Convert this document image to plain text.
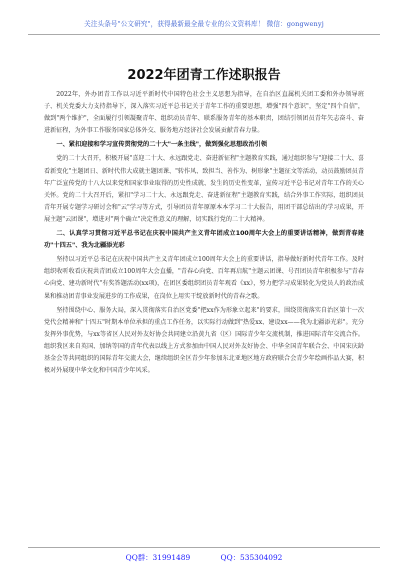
关注头条号"公文研究"，获得最新最全最专业的公文资料库！ 微信：gongwenyj
2022年团青工作述职报告

2022年，外办团青工作以习近平新时代中国特色社会主义思想为指导，在自治区直属机关团工委和外办领导班子、机关党委大力支持指导下，深入落实习近平总书记关于青年工作的重要思想，增强"四个意识"，坚定"四个自信"，做到"两个维护"，全面履行引领凝聚青年、组织动员青年、联系服务青年的基本职责，团结引领团员青年矢志奋斗、奋进新征程，为外事工作服务国家总体外交、服务地方经济社会发展贡献青春力量。

一、紧扣迎接和学习宣传贯彻党的二十大"一条主线"，做到强化思想政治引领

党的二十大召开，积极开展"喜迎二十大、永远跟党走、奋进新征程"主题教育实践，通过组织参与"迎接二十大、喜看新变化"主题团日、新时代伟大成就主题团课、"转作风、致担当、善作为、树形象"主题征文等活动，动员鼓励团员青年广泛宣传党的十八大以来党和国家事业取得的历史性成就、发生的历史性变革，宣传习近平总书记对青年工作的关心关怀。党的二十大召开后，紧扣"学习二十大、永远跟党走、奋进新征程"主题教育实践，结合外事工作实际，组织团员青年开展专题学习研讨会和"云"学习等方式，引导团员青年原原本本学习二十大报告，用团干部总结出的学习成果，开展主题"云团课"，增进对"两个确立"决定性意义的理解，切实践行党的二十大精神。

二、认真学习贯彻习近平总书记在庆祝中国共产主义青年团成立100周年大会上的重要讲话精神，做到青春建功"十四五"、我为北疆添光彩

坚持以习近平总书记在庆祝中国共产主义青年团成立100周年大会上的重要讲话，指导做好新时代青年工作。及时组织收听收看庆祝共青团成立100周年大会直播，"青春心向党、百年再启航"主题云团课、号召团员青年积极参与"青春心向党、建功新时代"有奖答题活动(xx项)，在团区委组织团员青年观看《xx》，努力把学习成果转化为党员人的政治成果和推动团青事业发展进步的工作成果，在岗位上用实干绽放新时代的青春之歌。

坚持围绕中心、服务大局，深入贯彻落实自治区党委"把xx作为形象立起来"的要求，围绕贯彻落实自治区第十一次党代会精神和"十四五"时期本单位承担的重点工作任务，以实际行动做到"热爱xx、建设xx——我为北疆添光彩"。充分发挥外事优势，与xx等省区人民对外友好协会共同建立沿黄九省（区）国际青少年交流机制，推进国际青年交流合作。组织我区来自英国、加纳等国的青年代表以线上方式参加由中国人民对外友好协会、中华全国青年联合会、中国宋庆龄基金会等共同组织的国际青年交流大会，继续组织全区青少年参加东北亚地区地方政府联合会青少年绘画作品大赛，积极对外展现中华文化和中国青少年风采。

QQ群：31991489	QQ：535304092
